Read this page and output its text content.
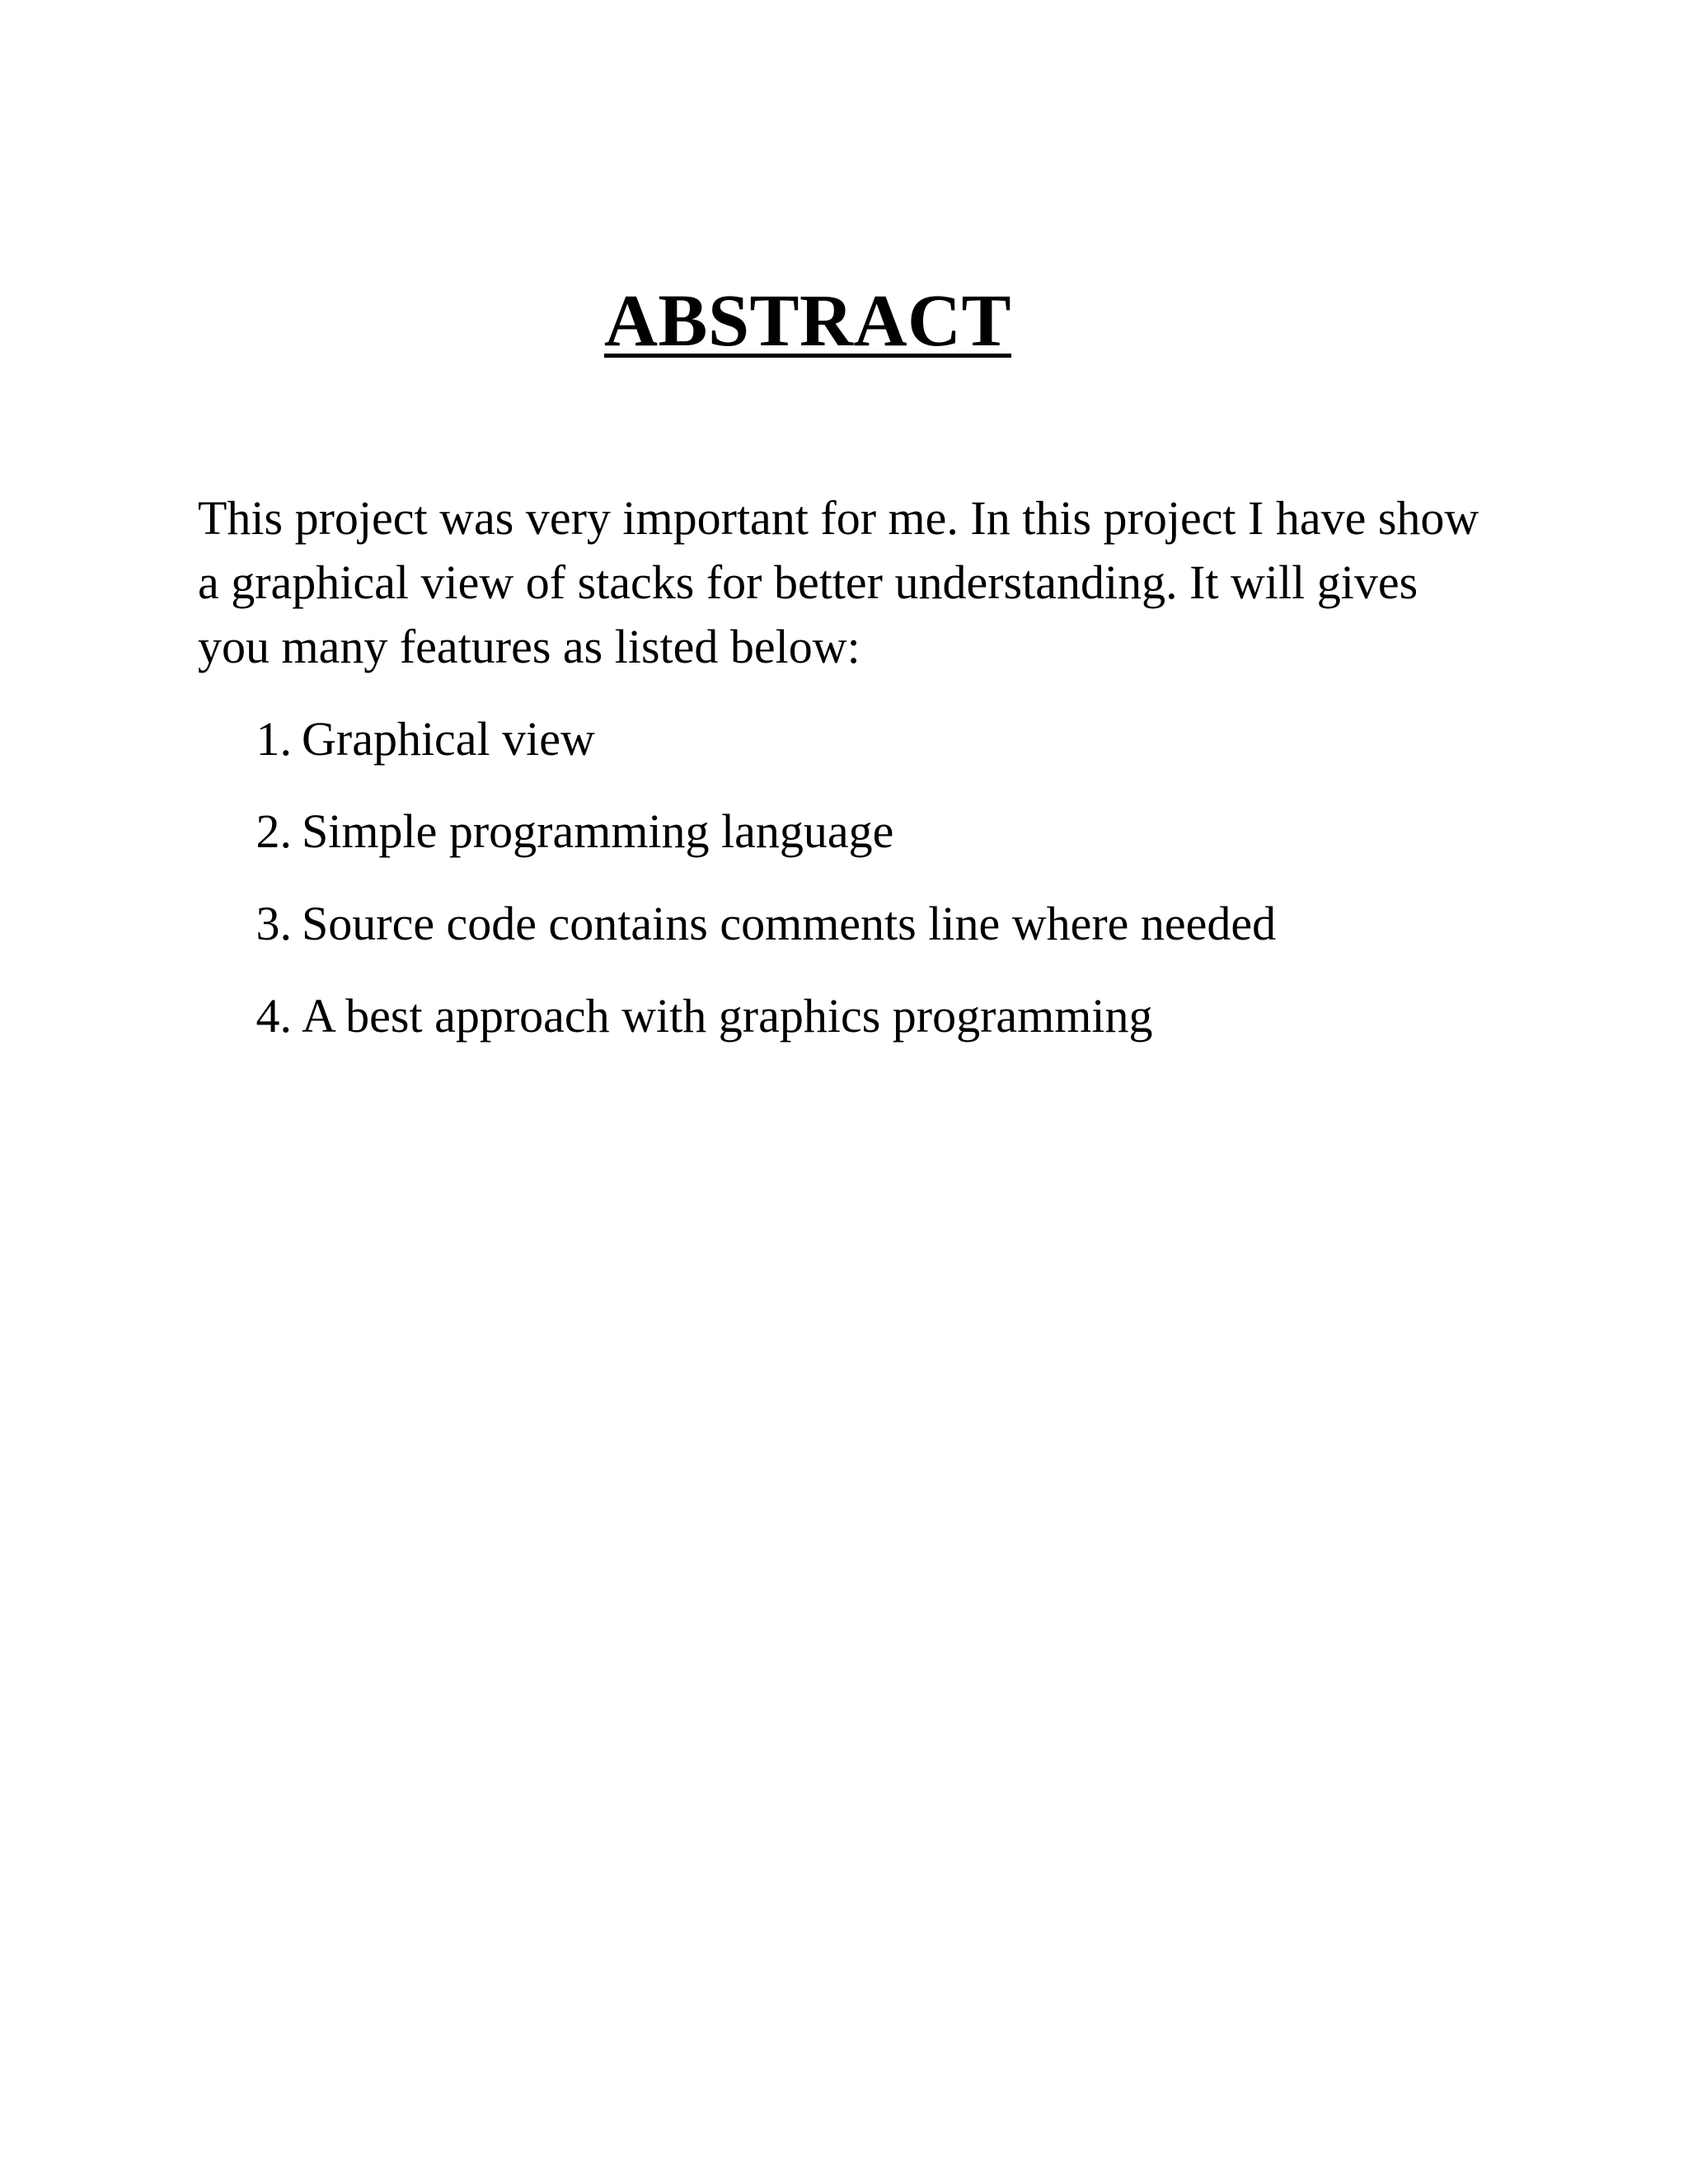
ABSTRACT

This project was very important for me. In this project I have show a graphical view of stacks for better understanding. It will gives you many features as listed below:

1. Graphical view
2. Simple programming language
3. Source code contains comments line where needed
4. A best approach with graphics programming
